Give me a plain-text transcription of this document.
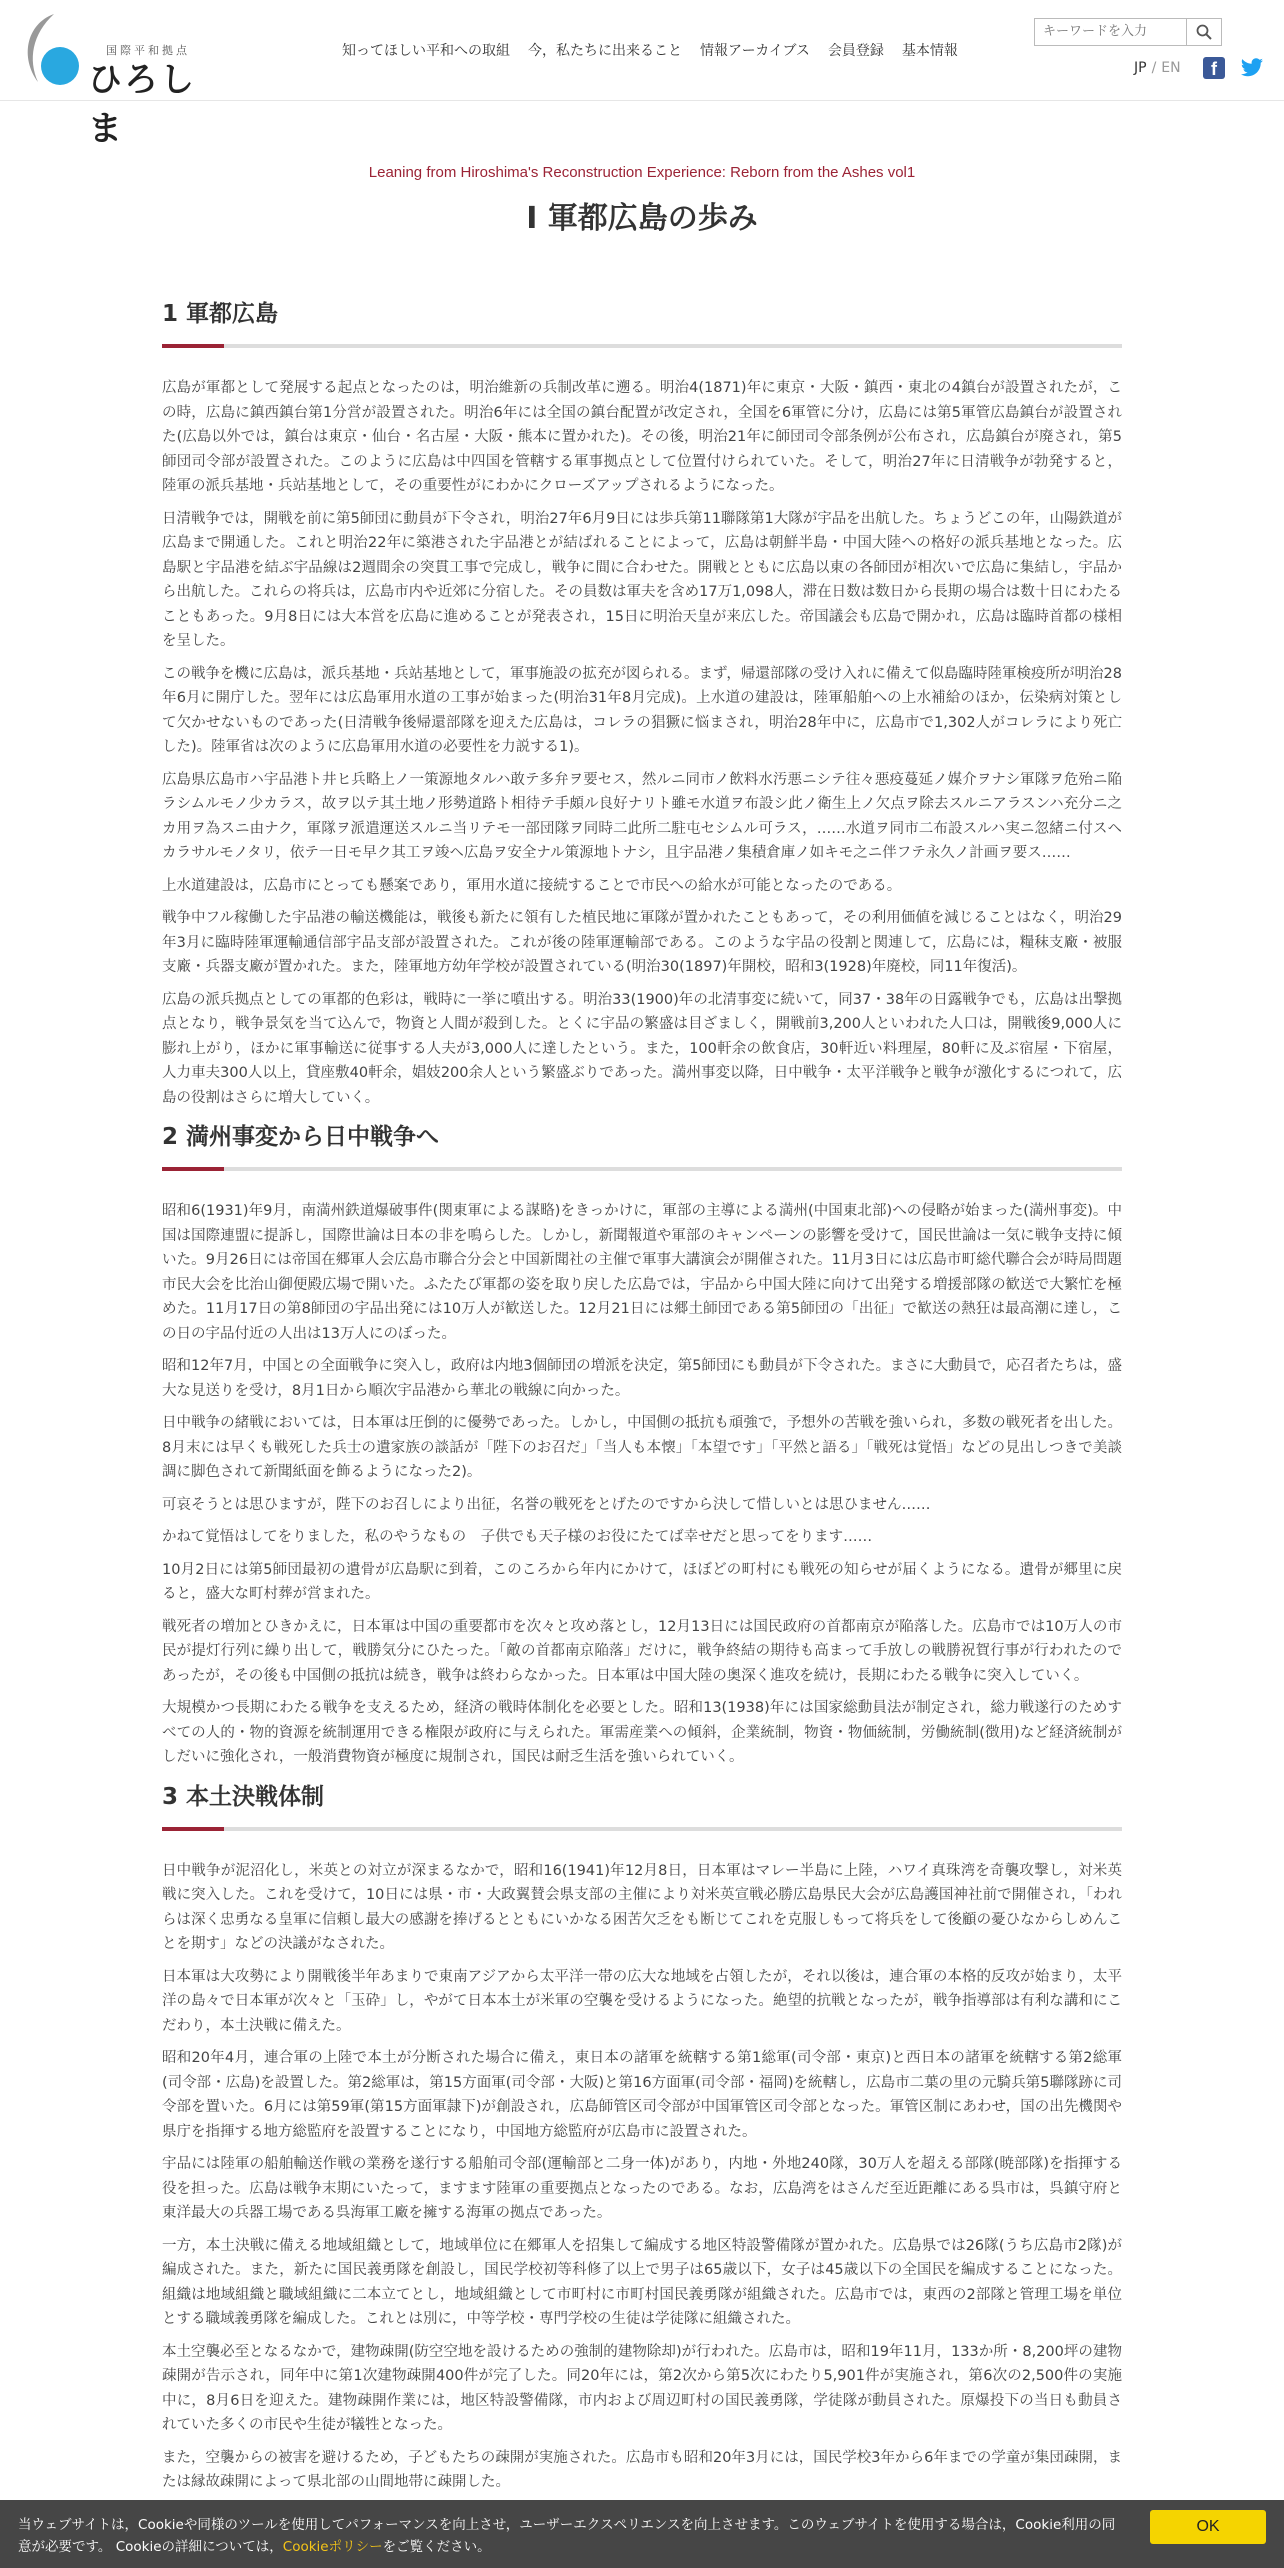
国際平和拠点
ひろしま
知ってほしい平和への取組 今，私たちに出来ること 情報アーカイブス 会員登録 基本情報
キーワードを入力
JP / EN	f
Leaning from Hiroshima's Reconstruction Experience: Reborn from the Ashes vol1
Ⅰ 軍都広島の歩み
1 軍都広島

広島が軍都として発展する起点となったのは，明治維新の兵制改革に遡る。明治4(1871)年に東京・大阪・鎮西・東北の4鎮台が設置されたが，この時，広島に鎮西鎮台第1分営が設置された。明治6年には全国の鎮台配置が改定され，全国を6軍管に分け，広島には第5軍管広島鎮台が設置された(広島以外では，鎮台は東京・仙台・名古屋・大阪・熊本に置かれた)。その後，明治21年に師団司令部条例が公布され，広島鎮台が廃され，第5師団司令部が設置された。このように広島は中四国を管轄する軍事拠点として位置付けられていた。そして，明治27年に日清戦争が勃発すると，陸軍の派兵基地・兵站基地として，その重要性がにわかにクローズアップされるようになった。

日清戦争では，開戦を前に第5師団に動員が下令され，明治27年6月9日には歩兵第11聯隊第1大隊が宇品を出航した。ちょうどこの年，山陽鉄道が広島まで開通した。これと明治22年に築港された宇品港とが結ばれることによって，広島は朝鮮半島・中国大陸への格好の派兵基地となった。広島駅と宇品港を結ぶ宇品線は2週間余の突貫工事で完成し，戦争に間に合わせた。開戦とともに広島以東の各師団が相次いで広島に集結し，宇品から出航した。これらの将兵は，広島市内や近郊に分宿した。その員数は軍夫を含め17万1,098人，滞在日数は数日から長期の場合は数十日にわたることもあった。9月8日には大本営を広島に進めることが発表され，15日に明治天皇が来広した。帝国議会も広島で開かれ，広島は臨時首都の様相を呈した。

この戦争を機に広島は，派兵基地・兵站基地として，軍事施設の拡充が図られる。まず，帰還部隊の受け入れに備えて似島臨時陸軍検疫所が明治28年6月に開庁した。翌年には広島軍用水道の工事が始まった(明治31年8月完成)。上水道の建設は，陸軍船舶への上水補給のほか，伝染病対策として欠かせないものであった(日清戦争後帰還部隊を迎えた広島は，コレラの猖獗に悩まされ，明治28年中に，広島市で1,302人がコレラにより死亡した)。陸軍省は次のように広島軍用水道の必要性を力説する1)。

広島県広島市ハ宇品港ト井ヒ兵略上ノ一策源地タルハ敢テ多弁ヲ要セス，然ルニ同市ノ飲料水汚悪ニシテ往々悪疫蔓延ノ媒介ヲナシ軍隊ヲ危殆ニ陥ラシムルモノ少カラス，故ヲ以テ其土地ノ形勢道路ト相待テ手頗ル良好ナリト雖モ水道ヲ布設シ此ノ衛生上ノ欠点ヲ除去スルニアラスンハ充分ニ之カ用ヲ為スニ由ナク，軍隊ヲ派遣運送スルニ当リテモ一部団隊ヲ同時二此所二駐屯セシムル可ラス，……水道ヲ同市二布設スルハ実ニ忽緒ニ付スヘカラサルモノタリ，依テ一日モ早ク其工ヲ竣ヘ広島ヲ安全ナル策源地トナシ，且宇品港ノ集積倉庫ノ如キモ之ニ伴フテ永久ノ計画ヲ要ス……

上水道建設は，広島市にとっても懸案であり，軍用水道に接続することで市民への給水が可能となったのである。

戦争中フル稼働した宇品港の輸送機能は，戦後も新たに領有した植民地に軍隊が置かれたこともあって，その利用価値を減じることはなく，明治29年3月に臨時陸軍運輸通信部宇品支部が設置された。これが後の陸軍運輸部である。このような宇品の役割と関連して，広島には，糧秣支廠・被服支廠・兵器支廠が置かれた。また，陸軍地方幼年学校が設置されている(明治30(1897)年開校，昭和3(1928)年廃校，同11年復活)。

広島の派兵拠点としての軍都的色彩は，戦時に一挙に噴出する。明治33(1900)年の北清事変に続いて，同37・38年の日露戦争でも，広島は出撃拠点となり，戦争景気を当て込んで，物資と人間が殺到した。とくに宇品の繁盛は目ざましく，開戦前3,200人といわれた人口は，開戦後9,000人に膨れ上がり，ほかに軍事輸送に従事する人夫が3,000人に達したという。また，100軒余の飲食店，30軒近い料理屋，80軒に及ぶ宿屋・下宿屋，人力車夫300人以上，貸座敷40軒余，娼妓200余人という繁盛ぶりであった。満州事変以降，日中戦争・太平洋戦争と戦争が激化するにつれて，広島の役割はさらに増大していく。

2 満州事変から日中戦争へ

昭和6(1931)年9月，南満州鉄道爆破事件(関東軍による謀略)をきっかけに，軍部の主導による満州(中国東北部)への侵略が始まった(満州事変)。中国は国際連盟に提訴し，国際世論は日本の非を鳴らした。しかし，新聞報道や軍部のキャンペーンの影響を受けて，国民世論は一気に戦争支持に傾いた。9月26日には帝国在郷軍人会広島市聯合分会と中国新聞社の主催で軍事大講演会が開催された。11月3日には広島市町総代聯合会が時局問題市民大会を比治山御便殿広場で開いた。ふたたび軍都の姿を取り戻した広島では，宇品から中国大陸に向けて出発する増援部隊の歓送で大繁忙を極めた。11月17日の第8師団の宇品出発には10万人が歓送した。12月21日には郷土師団である第5師団の「出征」で歓送の熱狂は最高潮に達し，この日の宇品付近の人出は13万人にのぼった。

昭和12年7月，中国との全面戦争に突入し，政府は内地3個師団の増派を決定，第5師団にも動員が下令された。まさに大動員で，応召者たちは，盛大な見送りを受け，8月1日から順次宇品港から華北の戦線に向かった。

日中戦争の緒戦においては，日本軍は圧倒的に優勢であった。しかし，中国側の抵抗も頑強で，予想外の苦戦を強いられ，多数の戦死者を出した。8月末には早くも戦死した兵士の遺家族の談話が「陛下のお召だ」「当人も本懐」「本望です」「平然と語る」「戦死は覚悟」などの見出しつきで美談調に脚色されて新聞紙面を飾るようになった2)。

可哀そうとは思ひますが，陛下のお召しにより出征，名誉の戦死をとげたのですから決して惜しいとは思ひません……

かねて覚悟はしてをりました，私のやうなもの　子供でも天子様のお役にたてば幸せだと思ってをります……

10月2日には第5師団最初の遺骨が広島駅に到着，このころから年内にかけて，ほぼどの町村にも戦死の知らせが届くようになる。遺骨が郷里に戻ると，盛大な町村葬が営まれた。

戦死者の増加とひきかえに，日本軍は中国の重要都市を次々と攻め落とし，12月13日には国民政府の首都南京が陥落した。広島市では10万人の市民が提灯行列に繰り出して，戦勝気分にひたった。「敵の首都南京陥落」だけに，戦争終結の期待も高まって手放しの戦勝祝賀行事が行われたのであったが，その後も中国側の抵抗は続き，戦争は終わらなかった。日本軍は中国大陸の奥深く進攻を続け，長期にわたる戦争に突入していく。

大規模かつ長期にわたる戦争を支えるため，経済の戦時体制化を必要とした。昭和13(1938)年には国家総動員法が制定され，総力戦遂行のためすべての人的・物的資源を統制運用できる権限が政府に与えられた。軍需産業への傾斜，企業統制，物資・物価統制，労働統制(徴用)など経済統制がしだいに強化され，一般消費物資が極度に規制され，国民は耐乏生活を強いられていく。

3 本土決戦体制

日中戦争が泥沼化し，米英との対立が深まるなかで，昭和16(1941)年12月8日，日本軍はマレー半島に上陸，ハワイ真珠湾を奇襲攻撃し，対米英戦に突入した。これを受けて，10日には県・市・大政翼賛会県支部の主催により対米英宣戦必勝広島県民大会が広島護国神社前で開催され，「われらは深く忠勇なる皇軍に信頼し最大の感謝を捧げるとともにいかなる困苦欠乏をも断じてこれを克服しもって将兵をして後顧の憂ひなからしめんことを期す」などの決議がなされた。

日本軍は大攻勢により開戦後半年あまりで東南アジアから太平洋一帯の広大な地域を占領したが，それ以後は，連合軍の本格的反攻が始まり，太平洋の島々で日本軍が次々と「玉砕」し，やがて日本本土が米軍の空襲を受けるようになった。絶望的抗戦となったが，戦争指導部は有利な講和にこだわり，本土決戦に備えた。

昭和20年4月，連合軍の上陸で本土が分断された場合に備え，東日本の諸軍を統轄する第1総軍(司令部・東京)と西日本の諸軍を統轄する第2総軍(司令部・広島)を設置した。第2総軍は，第15方面軍(司令部・大阪)と第16方面軍(司令部・福岡)を統轄し，広島市二葉の里の元騎兵第5聯隊跡に司令部を置いた。6月には第59軍(第15方面軍隷下)が創設され，広島師管区司令部が中国軍管区司令部となった。軍管区制にあわせ，国の出先機関や県庁を指揮する地方総監府を設置することになり，中国地方総監府が広島市に設置された。

宇品には陸軍の船舶輸送作戦の業務を遂行する船舶司令部(運輸部と二身一体)があり，内地・外地240隊，30万人を超える部隊(暁部隊)を指揮する役を担った。広島は戦争末期にいたって，ますます陸軍の重要拠点となったのである。なお，広島湾をはさんだ至近距離にある呉市は，呉鎮守府と東洋最大の兵器工場である呉海軍工廠を擁する海軍の拠点であった。

一方，本土決戦に備える地域組織として，地域単位に在郷軍人を招集して編成する地区特設警備隊が置かれた。広島県では26隊(うち広島市2隊)が編成された。また，新たに国民義勇隊を創設し，国民学校初等科修了以上で男子は65歳以下，女子は45歳以下の全国民を編成することになった。組織は地域組織と職域組織に二本立てとし，地域組織として市町村に市町村国民義勇隊が組織された。広島市では，東西の2部隊と管理工場を単位とする職域義勇隊を編成した。これとは別に，中等学校・専門学校の生徒は学徒隊に組織された。

本土空襲必至となるなかで，建物疎開(防空空地を設けるための強制的建物除却)が行われた。広島市は，昭和19年11月，133か所・8,200坪の建物疎開が告示され，同年中に第1次建物疎開400件が完了した。同20年には，第2次から第5次にわたり5,901件が実施され，第6次の2,500件の実施中に，8月6日を迎えた。建物疎開作業には，地区特設警備隊，市内および周辺町村の国民義勇隊，学徒隊が動員された。原爆投下の当日も動員されていた多くの市民や生徒が犠牲となった。

また，空襲からの被害を避けるため，子どもたちの疎開が実施された。広島市も昭和20年3月には，国民学校3年から6年までの学童が集団疎開，または縁故疎開によって県北部の山間地帯に疎開した。

当ウェブサイトは，Cookieや同様のツールを使用してパフォーマンスを向上させ，ユーザーエクスペリエンスを向上させます。このウェブサイトを使用する場合は，Cookie利用の同意が必要です。 Cookieの詳細については，Cookieポリシーをご覧ください。
OK
